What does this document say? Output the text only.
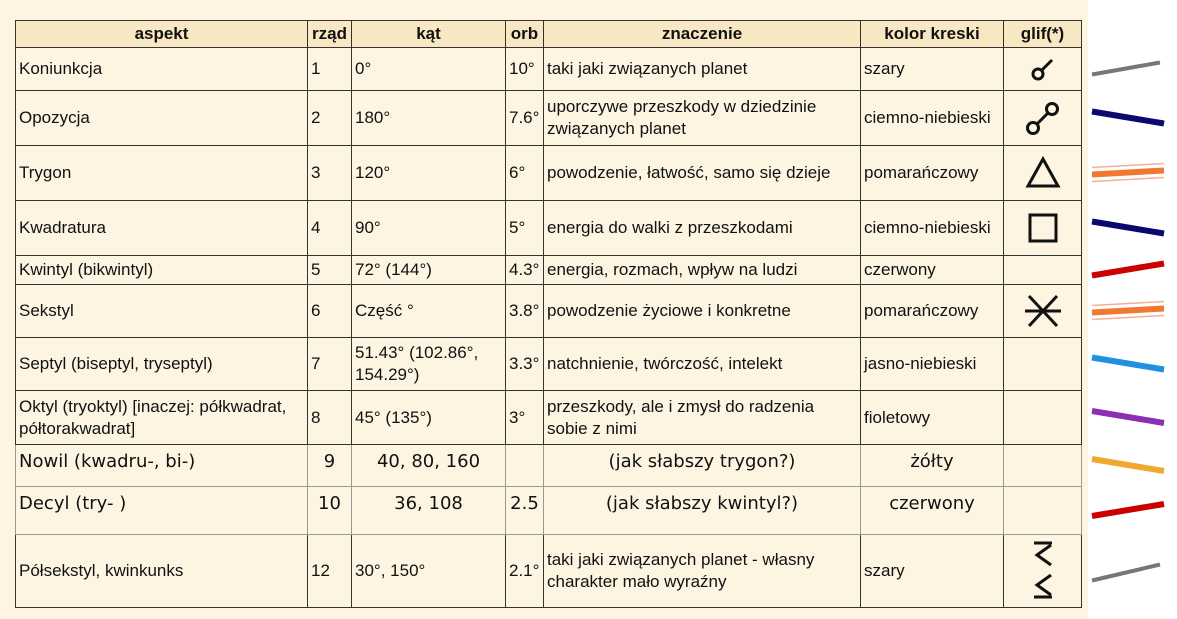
aspekt	rząd	kąt	orb	znaczenie	kolor kreski	glif(*)
Koniunkcja	1	0°	10°	taki jaki związanych planet	szary	

Opozycja	2	180°	7.6°	uporczywe przeszkody w dziedzinie związanych planet	ciemno-niebieski	

Trygon	3	120°	6°	powodzenie, łatwość, samo się dzieje	pomarańczowy	

Kwadratura	4	90°	5°	energia do walki z przeszkodami	ciemno-niebieski	

Kwintyl (bikwintyl)	5	72° (144°)	4.3°	energia, rozmach, wpływ na ludzi	czerwony	
Sekstyl	6	Część °	3.8°	powodzenie życiowe i konkretne	pomarańczowy	

Septyl (biseptyl, tryseptyl)	7	51.43° (102.86°, 154.29°)	3.3°	natchnienie, twórczość, intelekt	jasno-niebieski	
Oktyl (tryoktyl) [inaczej: półkwadrat, półtorakwadrat]	8	45° (135°)	3°	przeszkody, ale i zmysł do radzenia sobie z nimi	fioletowy	
Nowil (kwadru-, bi-)	9	40, 80, 160		(jak słabszy trygon?)	żółty	
Decyl (try- )	10	36, 108	2.5	(jak słabszy kwintyl?)	czerwony	
Półsekstyl, kwinkunks	12	30°, 150°	2.1°	taki jaki związanych planet - własny charakter mało wyraźny	szary	
